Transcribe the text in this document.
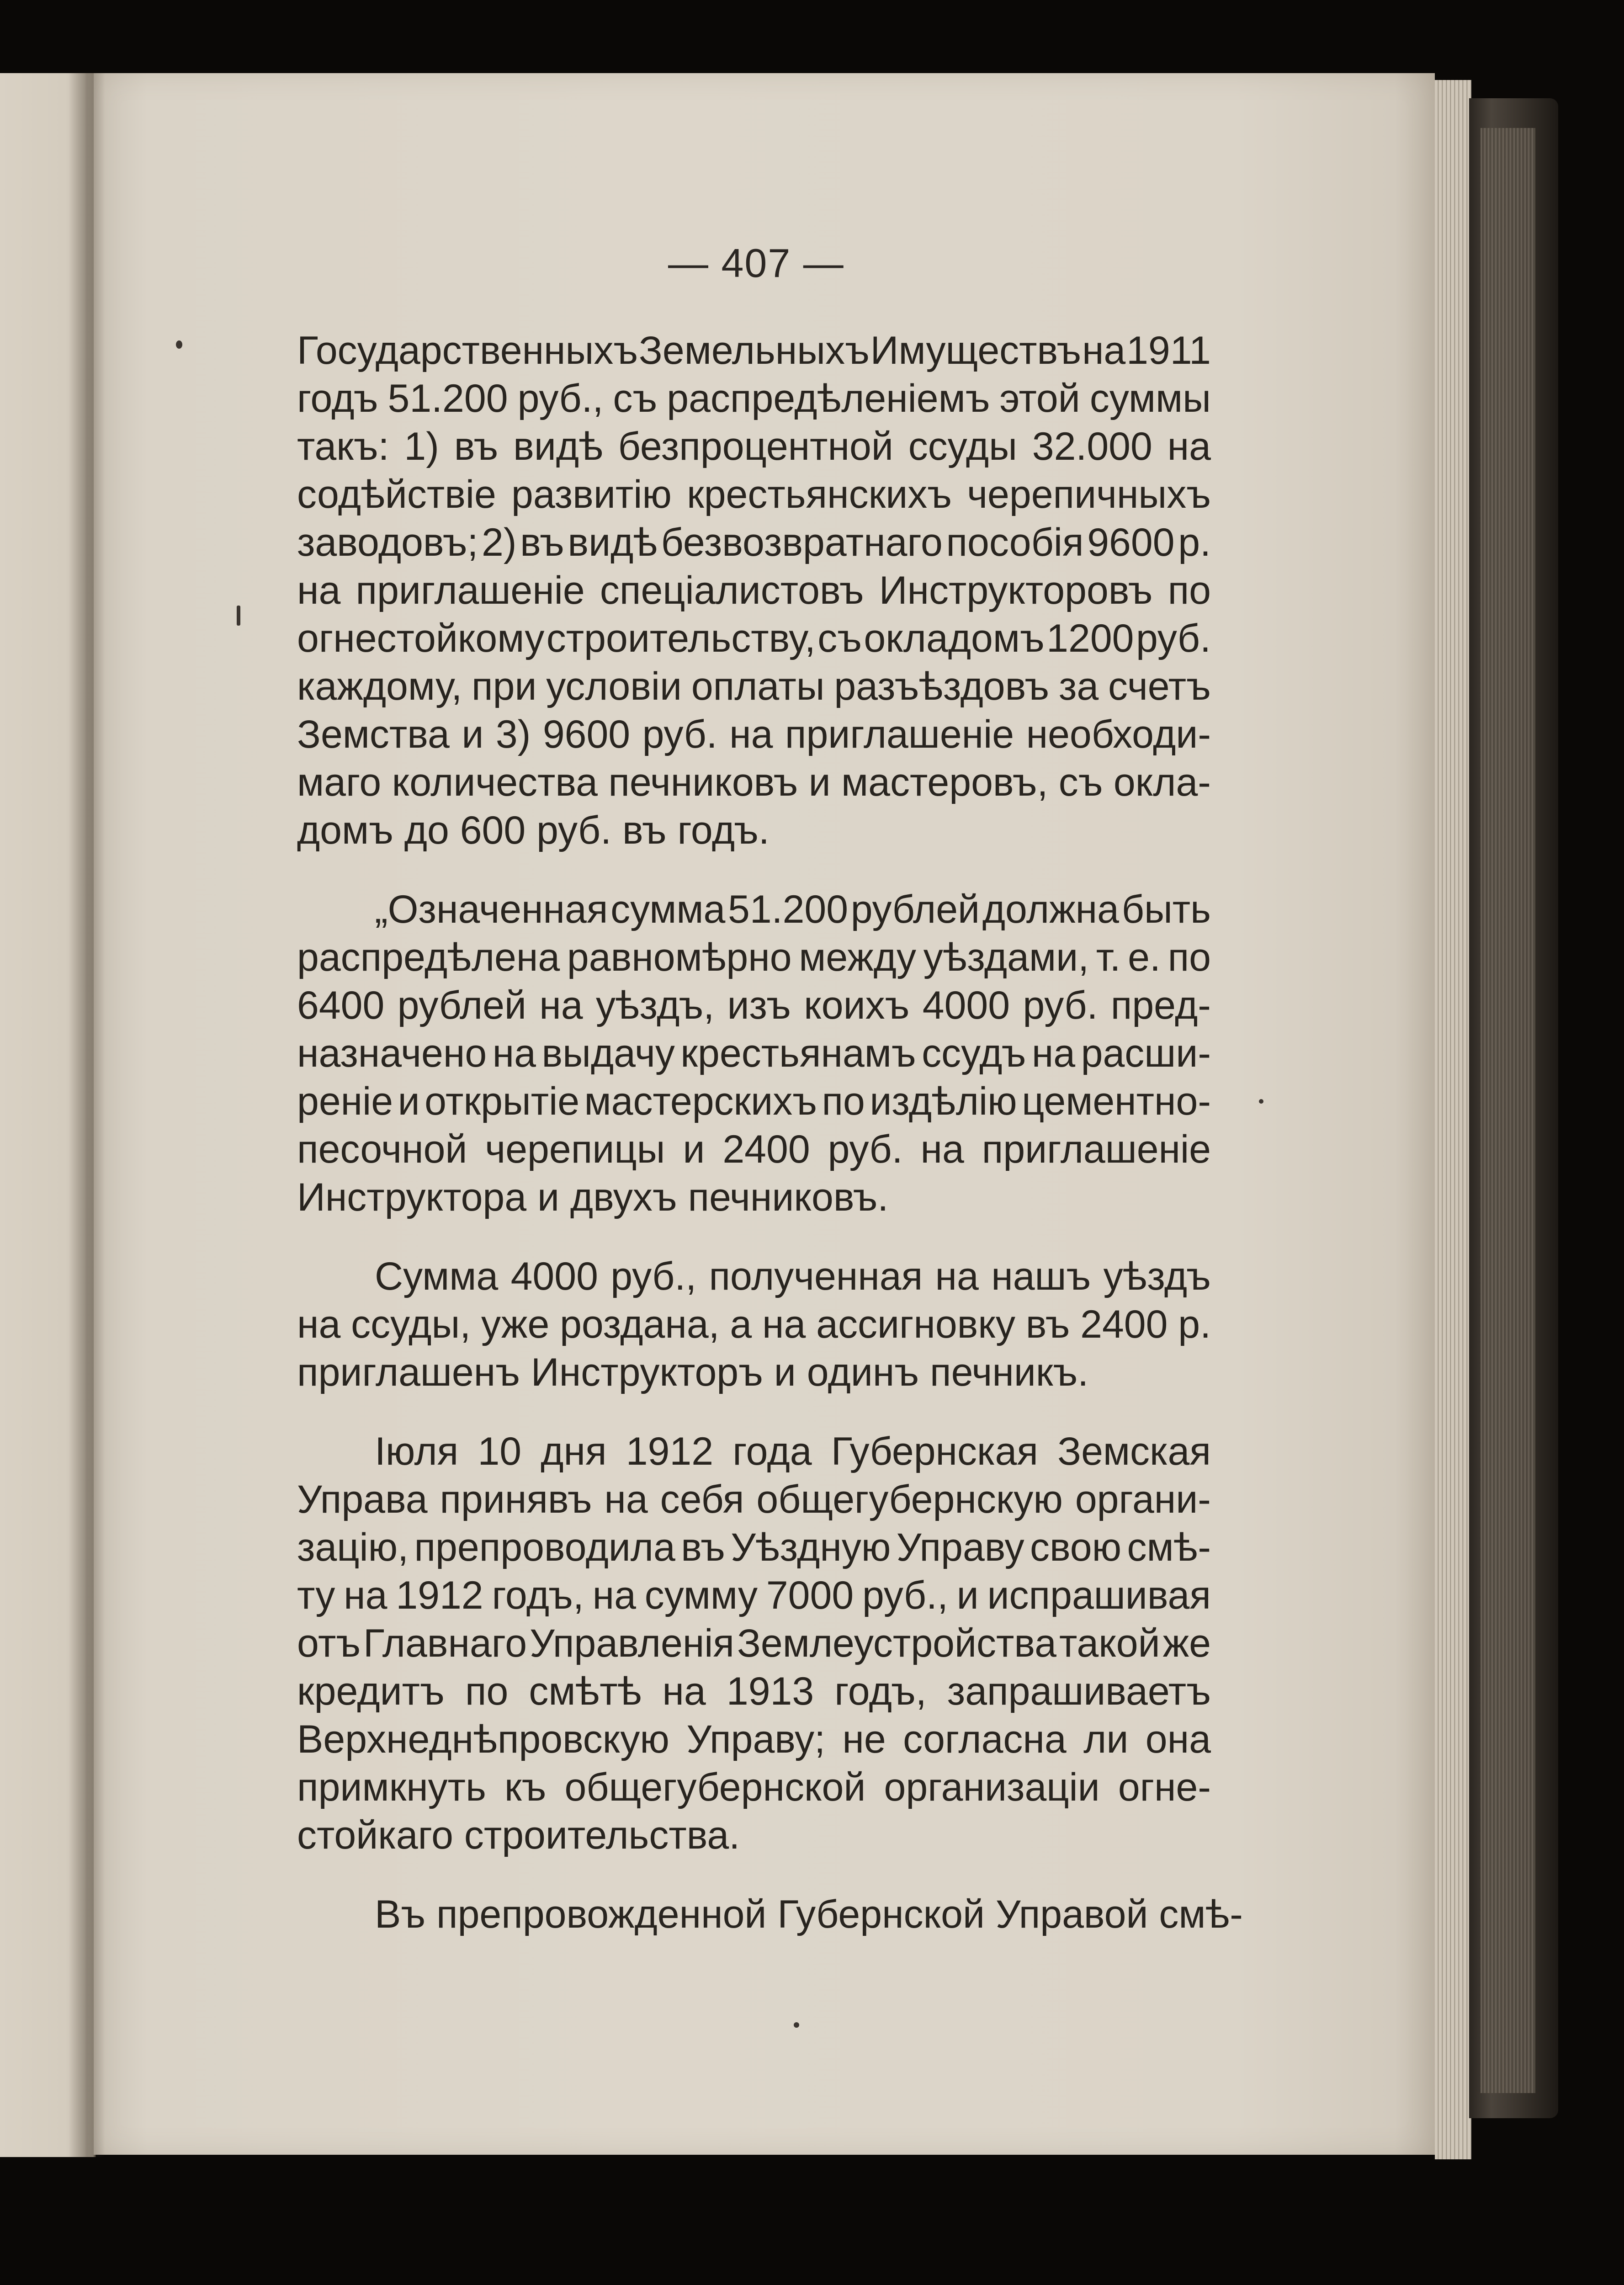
— 407 —
Государственныхъ Земельныхъ Имуществъ на 1911
годъ 51.200 руб., съ распредѣленіемъ этой суммы
такъ: 1) въ видѣ безпроцентной ссуды 32.000 на
содѣйствіе развитію крестьянскихъ черепичныхъ
заводовъ; 2) въ видѣ безвозвратнаго пособія 9600 р.
на приглашеніе спеціалистовъ Инструкторовъ по
огнестойкому строительству, съ окладомъ 1200 руб.
каждому, при условіи оплаты разъѣздовъ за счетъ
Земства и 3) 9600 руб. на приглашеніе необходи-
маго количества печниковъ и мастеровъ, съ окла-
домъ до 600 руб. въ годъ.
„Означенная сумма 51.200 рублей должна быть
распредѣлена равномѣрно между уѣздами, т. е. по
6400 рублей на уѣздъ, изъ коихъ 4000 руб. пред-
назначено на выдачу крестьянамъ ссудъ на расши-
реніе и открытіе мастерскихъ по издѣлію цементно-
песочной черепицы и 2400 руб. на приглашеніе
Инструктора и двухъ печниковъ.
Сумма 4000 руб., полученная на нашъ уѣздъ
на ссуды, уже роздана, а на ассигновку въ 2400 р.
приглашенъ Инструкторъ и одинъ печникъ.
Іюля 10 дня 1912 года Губернская Земская
Управа принявъ на себя общегубернскую органи-
зацію, препроводила въ Уѣздную Управу свою смѣ-
ту на 1912 годъ, на сумму 7000 руб., и испрашивая
отъ Главнаго Управленія Землеустройства такой же
кредитъ по смѣтѣ на 1913 годъ, запрашиваетъ
Верхнеднѣпровскую Управу; не согласна ли она
примкнуть къ общегубернской организаціи огне-
стойкаго строительства.
Въ препровожденной Губернской Управой смѣ-
